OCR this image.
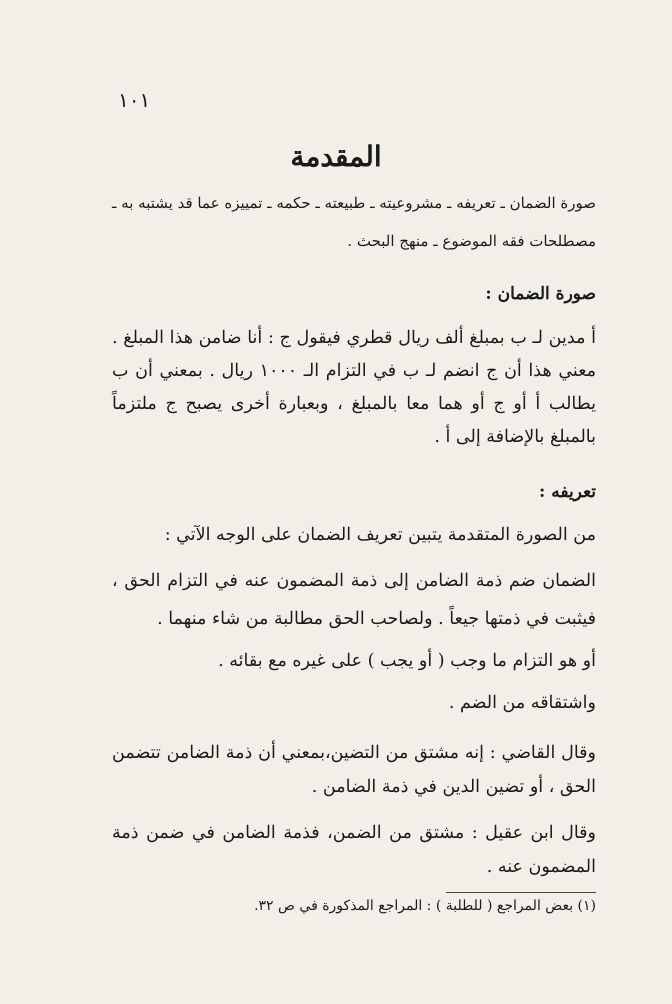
١٠١
المقدمة
صورة الضمان ـ تعريفه ـ مشروعيته ـ طبيعته ـ حكمه ـ تمييزه عما قد يشتبه به ـ مصطلحات فقه الموضوع ـ منهج البحث .
صورة الضمان :
أ مدين لـ ب بمبلغ ألف ريال قطري فيقول ج : أنا ضامن هذا المبلغ . معني هذا أن ج انضم لـ ب في التزام الـ ١٠٠٠ ريال . بمعني أن ب يطالب أ أو ج أو هما معا بالمبلغ ، وبعبارة أخرى يصبح ج ملتزماً بالمبلغ بالإضافة إلى أ .
تعريفه :
من الصورة المتقدمة يتبين تعريف الضمان على الوجه الآتي :
الضمان ضم ذمة الضامن إلى ذمة المضمون عنه في التزام الحق ، فيثبت في ذمتها جيعاً . ولصاحب الحق مطالبة من شاء منهما .
أو هو التزام ما وجب ( أو يجب ) على غيره مع بقائه .
واشتقاقه من الضم .
وقال القاضي : إنه مشتق من التضين،بمعني أن ذمة الضامن تتضمن الحق ، أو تضين الدين في ذمة الضامن .
وقال ابن عقيل : مشتق من الضمن، فذمة الضامن في ضمن ذمة المضمون عنه .
(١) بعض المراجع ( للطلبة ) : المراجع المذكورة في ص ٣٢.
